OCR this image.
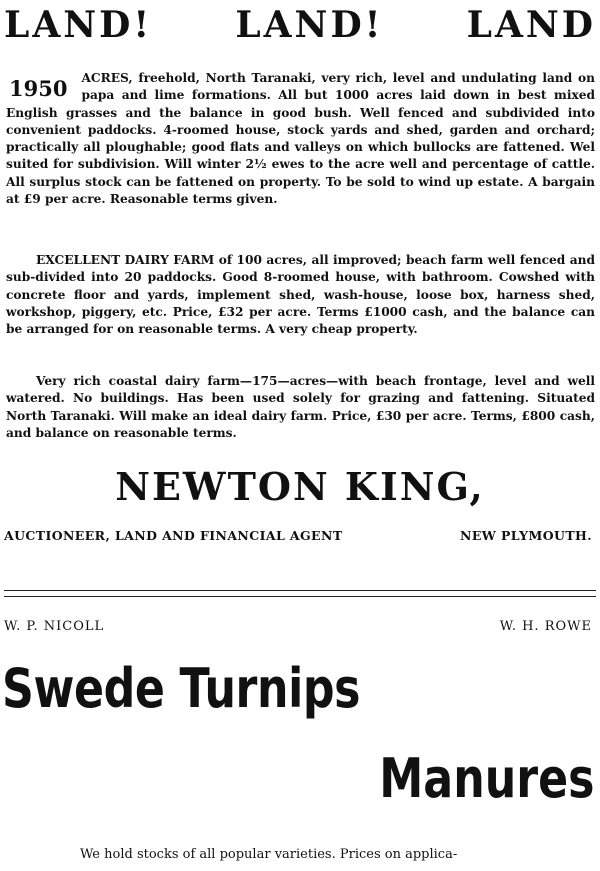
LAND! LAND! LAND
1950 ACRES, freehold, North Taranaki, very rich, level and undulating land on papa and lime formations. All but 1000 acres laid down in best mixed English grasses and the balance in good bush. Well fenced and subdivided into convenient paddocks. 4-roomed house, stock yards and shed, garden and orchard; practically all ploughable; good flats and valleys on which bullocks are fattened. Wel suited for subdivision. Will winter 2½ ewes to the acre well and percentage of cattle. All surplus stock can be fattened on property. To be sold to wind up estate. A bargain at £9 per acre. Reasonable terms given.
EXCELLENT DAIRY FARM of 100 acres, all improved; beach farm well fenced and sub-divided into 20 paddocks. Good 8-roomed house, with bathroom. Cowshed with concrete floor and yards, implement shed, wash-house, loose box, harness shed, workshop, piggery, etc. Price, £32 per acre. Terms £1000 cash, and the balance can be arranged for on reasonable terms. A very cheap property.
Very rich coastal dairy farm—175—acres—with beach frontage, level and well watered. No buildings. Has been used solely for grazing and fattening. Situated North Taranaki. Will make an ideal dairy farm. Price, £30 per acre. Terms, £800 cash, and balance on reasonable terms.
NEWTON KING,
AUCTIONEER, LAND AND FINANCIAL AGENT	NEW PLYMOUTH.
W. P. NICOLL	W. H. ROWE
Swede Turnips
Manures
We hold stocks of all popular varieties. Prices on applica-
